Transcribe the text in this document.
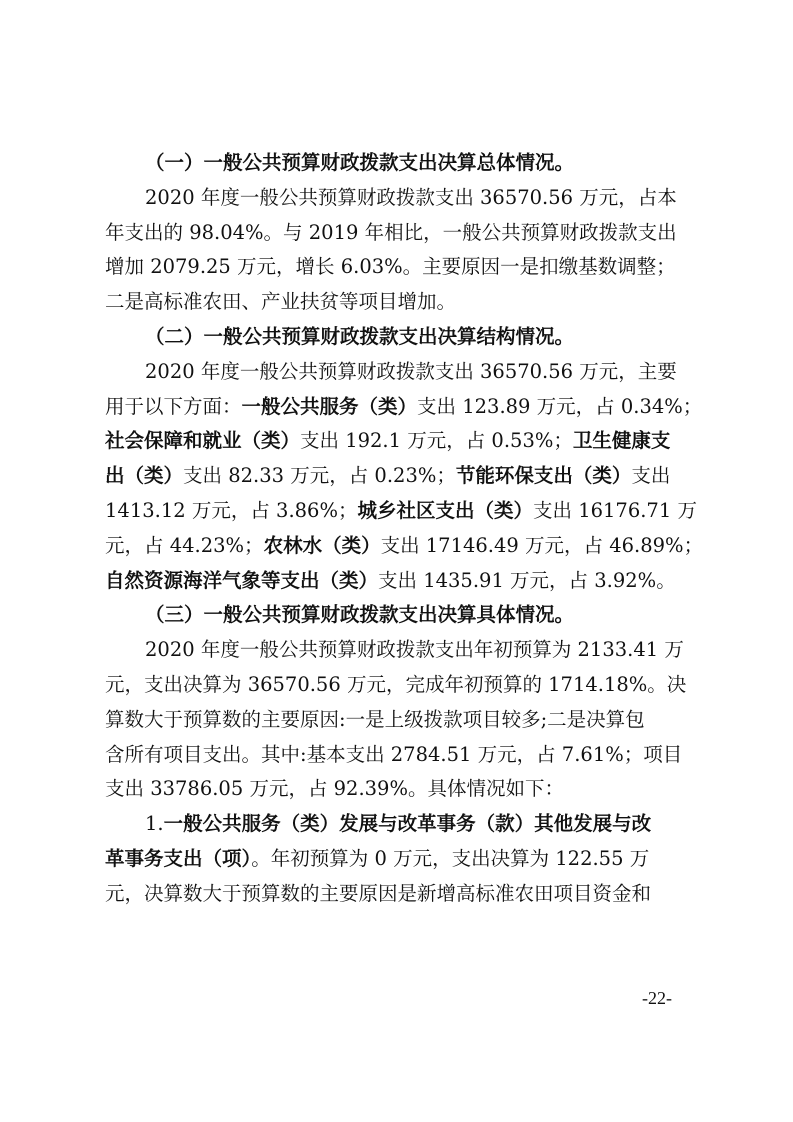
（一）一般公共预算财政拨款支出决算总体情况。
2020 年度一般公共预算财政拨款支出 36570.56 万元，占本
年支出的 98.04%。与 2019 年相比，一般公共预算财政拨款支出
增加 2079.25 万元，增长 6.03%。主要原因一是扣缴基数调整；
二是高标准农田、产业扶贫等项目增加。
（二）一般公共预算财政拨款支出决算结构情况。
2020 年度一般公共预算财政拨款支出 36570.56 万元，主要
用于以下方面：一般公共服务（类）支出 123.89 万元，占 0.34%；
社会保障和就业（类）支出 192.1 万元，占 0.53%；卫生健康支
出（类）支出 82.33 万元，占 0.23%；节能环保支出（类）支出
1413.12 万元，占 3.86%；城乡社区支出（类）支出 16176.71 万
元，占 44.23%；农林水（类）支出 17146.49 万元，占 46.89%；
自然资源海洋气象等支出（类）支出 1435.91 万元，占 3.92%。
（三）一般公共预算财政拨款支出决算具体情况。
2020 年度一般公共预算财政拨款支出年初预算为 2133.41 万
元，支出决算为 36570.56 万元，完成年初预算的 1714.18%。决
算数大于预算数的主要原因:一是上级拨款项目较多;二是决算包
含所有项目支出。其中:基本支出 2784.51 万元，占 7.61%；项目
支出 33786.05 万元，占 92.39%。具体情况如下：
1.一般公共服务（类）发展与改革事务（款）其他发展与改
革事务支出（项）。年初预算为 0 万元，支出决算为 122.55 万
元，决算数大于预算数的主要原因是新增高标准农田项目资金和
-22-
